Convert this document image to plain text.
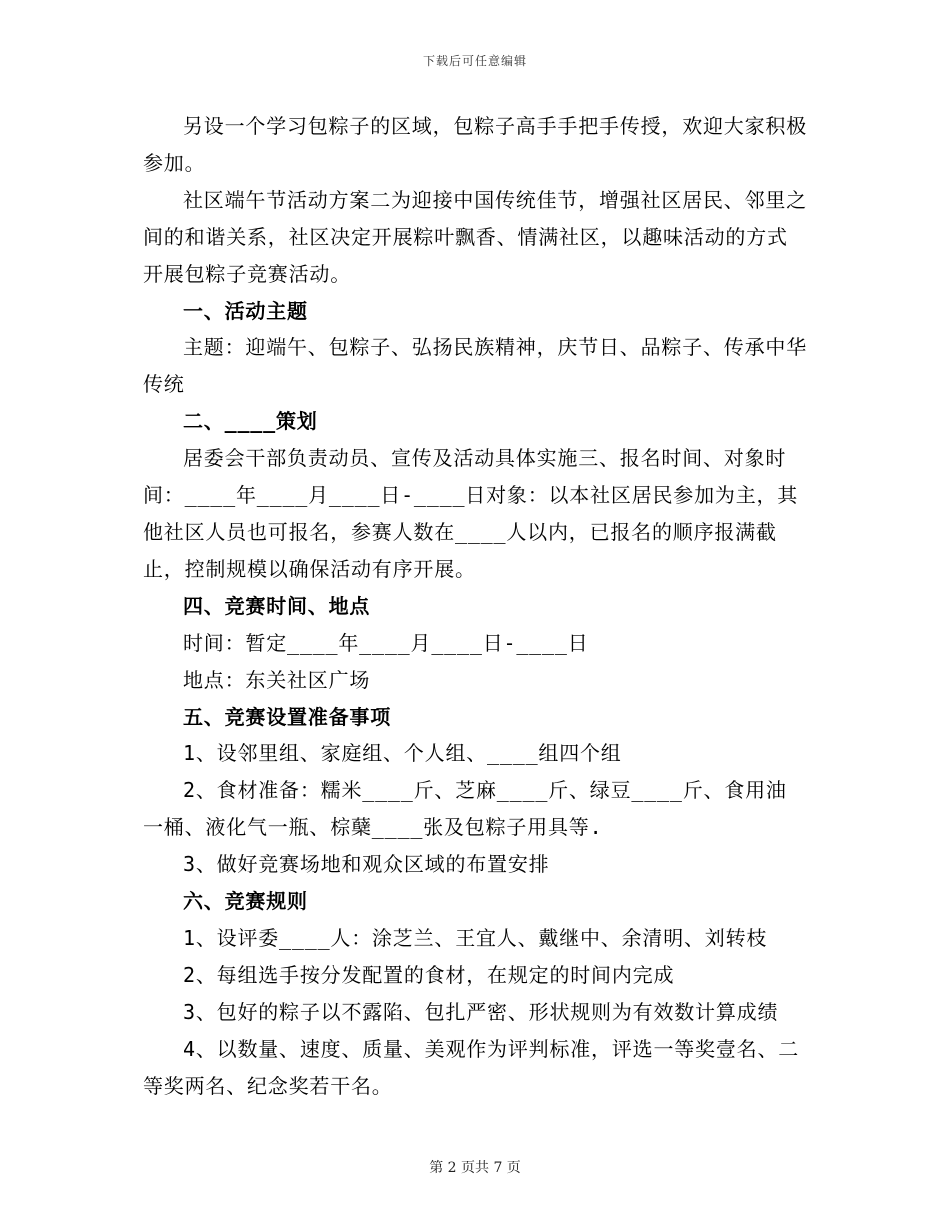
下载后可任意编辑

另设一个学习包粽子的区域，包粽子高手手把手传授，欢迎大家积极参加。

社区端午节活动方案二为迎接中国传统佳节，增强社区居民、邻里之间的和谐关系，社区决定开展粽叶飘香、情满社区，以趣味活动的方式开展包粽子竞赛活动。

一、活动主题

主题：迎端午、包粽子、弘扬民族精神，庆节日、品粽子、传承中华传统

二、____策划

居委会干部负责动员、宣传及活动具体实施三、报名时间、对象时间：____年____月____日-____日对象：以本社区居民参加为主，其他社区人员也可报名，参赛人数在____人以内，已报名的顺序报满截止，控制规模以确保活动有序开展。

四、竞赛时间、地点

时间：暂定____年____月____日-____日

地点：东关社区广场

五、竞赛设置准备事项

1、设邻里组、家庭组、个人组、____组四个组

2、食材准备：糯米____斤、芝麻____斤、绿豆____斤、食用油一桶、液化气一瓶、棕蘖____张及包粽子用具等.

3、做好竞赛场地和观众区域的布置安排

六、竞赛规则

1、设评委____人：涂芝兰、王宜人、戴继中、余清明、刘转枝

2、每组选手按分发配置的食材，在规定的时间内完成

3、包好的粽子以不露陷、包扎严密、形状规则为有效数计算成绩

4、以数量、速度、质量、美观作为评判标准，评选一等奖壹名、二等奖两名、纪念奖若干名。

第 2 页共 7 页
